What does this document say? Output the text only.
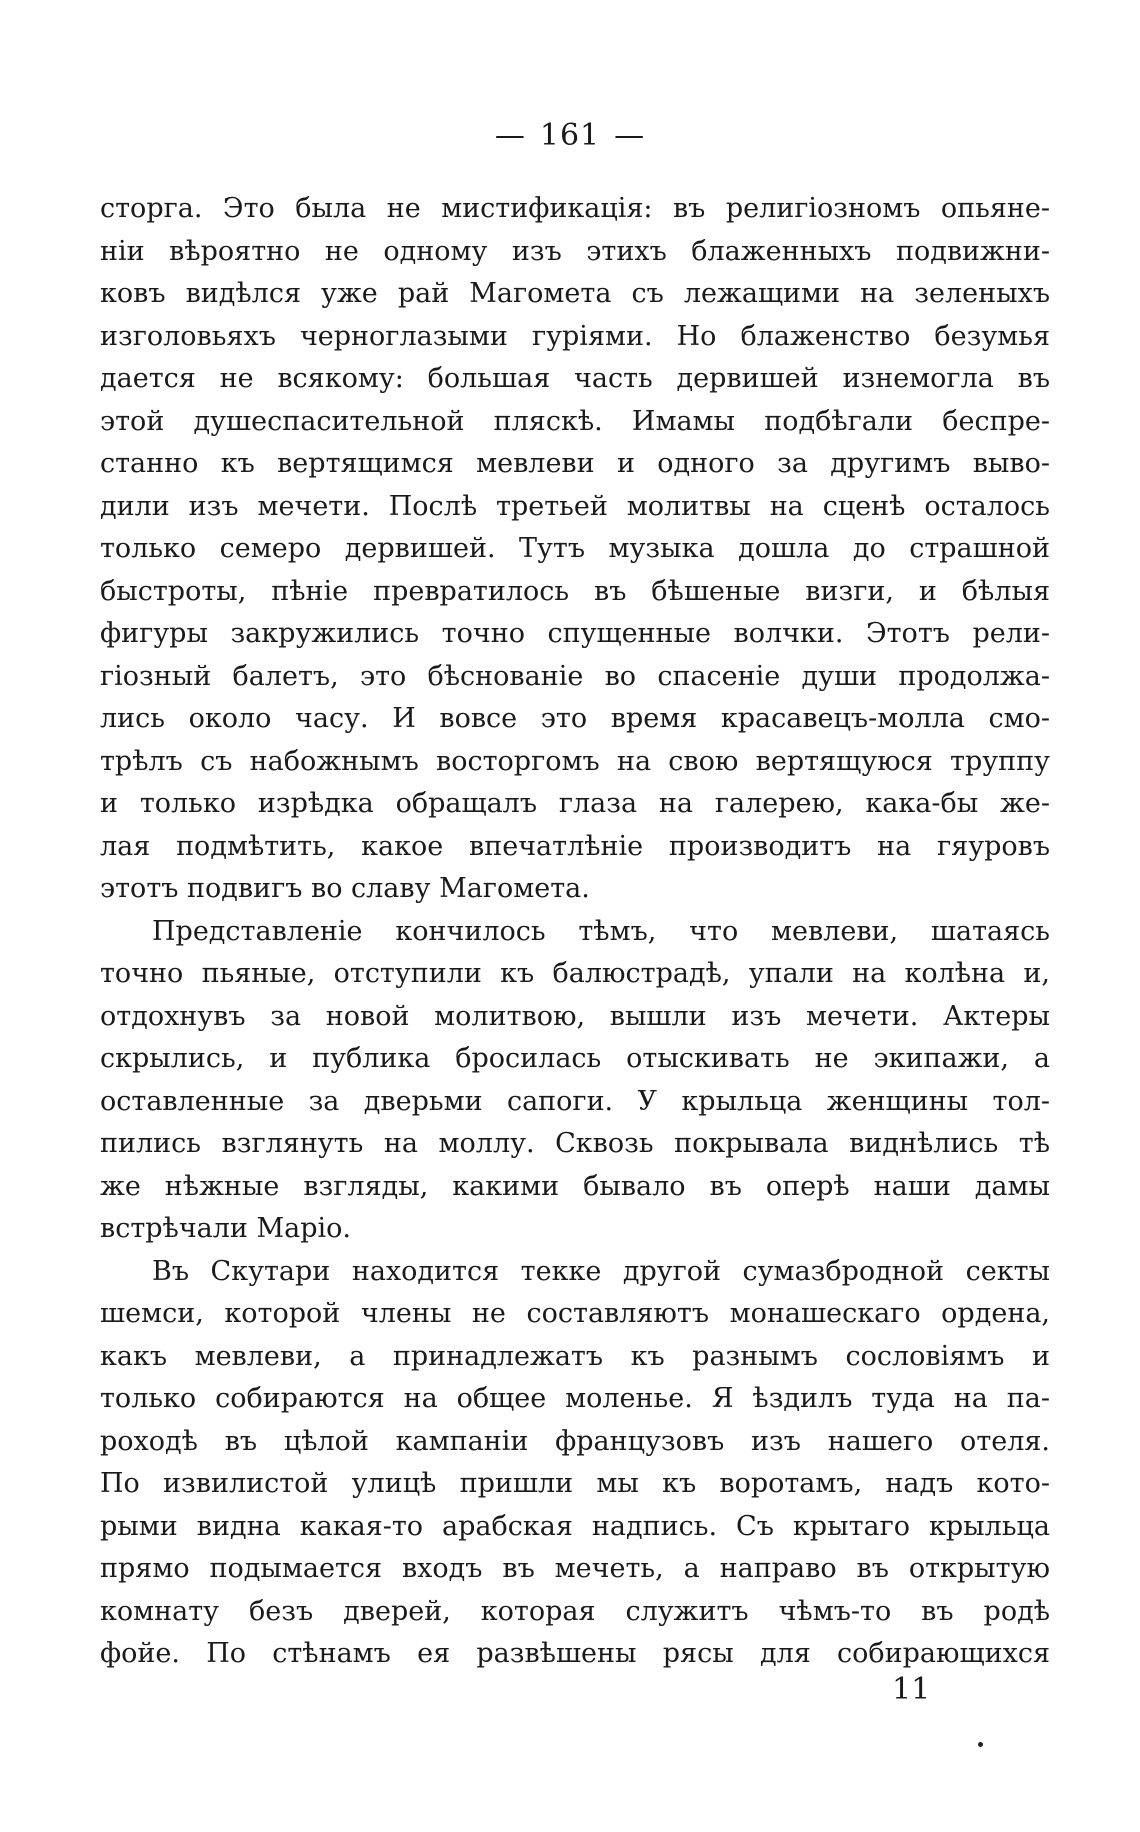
— 161 —
сторга. Это была не мистификація: въ религіозномъ опьяне-
ніи вѣроятно не одному изъ этихъ блаженныхъ подвижни-
ковъ видѣлся уже рай Магомета съ лежащими на зеленыхъ
изголовьяхъ черноглазыми гуріями. Но блаженство безумья
дается не всякому: большая часть дервишей изнемогла въ
этой душеспасительной пляскѣ. Имамы подбѣгали беспре-
станно къ вертящимся мевлеви и одного за другимъ выво-
дили изъ мечети. Послѣ третьей молитвы на сценѣ осталось
только семеро дервишей. Тутъ музыка дошла до страшной
быстроты, пѣніе превратилось въ бѣшеные визги, и бѣлыя
фигуры закружились точно спущенные волчки. Этотъ рели-
гіозный балетъ, это бѣснованіе во спасеніе души продолжа-
лись около часу. И вовсе это время красавецъ-молла смо-
трѣлъ съ набожнымъ восторгомъ на свою вертящуюся труппу
и только изрѣдка обращалъ глаза на галерею, кака-бы же-
лая подмѣтить, какое впечатлѣніе производитъ на гяуровъ
этотъ подвигъ во славу Магомета.
Представленіе кончилось тѣмъ, что мевлеви, шатаясь
точно пьяные, отступили къ балюстрадѣ, упали на колѣна и,
отдохнувъ за новой молитвою, вышли изъ мечети. Актеры
скрылись, и публика бросилась отыскивать не экипажи, а
оставленные за дверьми сапоги. У крыльца женщины тол-
пились взглянуть на моллу. Сквозь покрывала виднѣлись тѣ
же нѣжные взгляды, какими бывало въ оперѣ наши дамы
встрѣчали Маріо.
Въ Скутари находится текке другой сумазбродной секты
шемси, которой члены не составляютъ монашескаго ордена,
какъ мевлеви, а принадлежатъ къ разнымъ сословіямъ и
только собираются на общее моленье. Я ѣздилъ туда на па-
роходѣ въ цѣлой кампаніи французовъ изъ нашего отеля.
По извилистой улицѣ пришли мы къ воротамъ, надъ кото-
рыми видна какая-то арабская надпись. Съ крытаго крыльца
прямо подымается входъ въ мечеть, а направо въ открытую
комнату безъ дверей, которая служитъ чѣмъ-то въ родѣ
фойе. По стѣнамъ ея развѣшены рясы для собирающихся
11
